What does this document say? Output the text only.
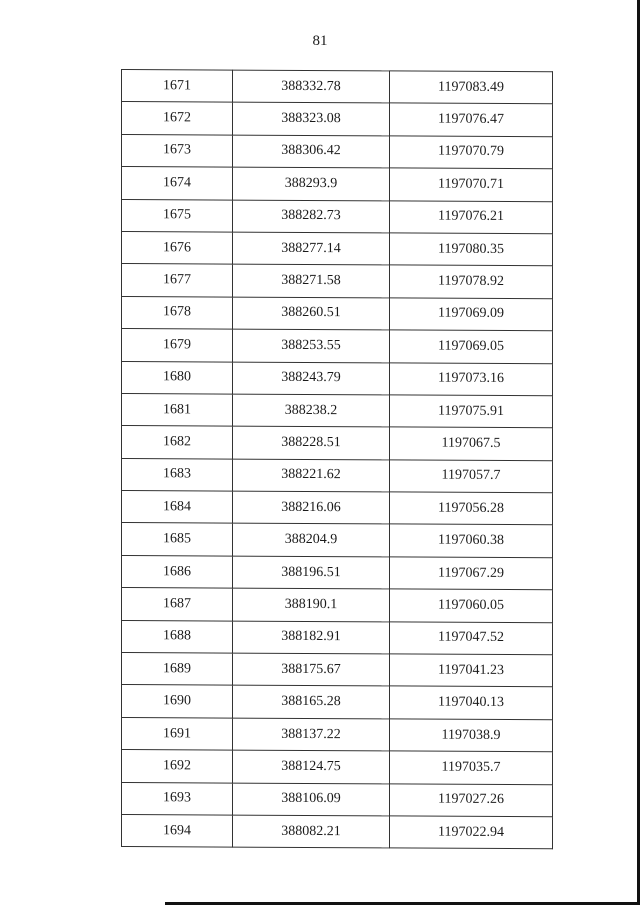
81
1671	388332.78	1197083.49
1672	388323.08	1197076.47
1673	388306.42	1197070.79
1674	388293.9	1197070.71
1675	388282.73	1197076.21
1676	388277.14	1197080.35
1677	388271.58	1197078.92
1678	388260.51	1197069.09
1679	388253.55	1197069.05
1680	388243.79	1197073.16
1681	388238.2	1197075.91
1682	388228.51	1197067.5
1683	388221.62	1197057.7
1684	388216.06	1197056.28
1685	388204.9	1197060.38
1686	388196.51	1197067.29
1687	388190.1	1197060.05
1688	388182.91	1197047.52
1689	388175.67	1197041.23
1690	388165.28	1197040.13
1691	388137.22	1197038.9
1692	388124.75	1197035.7
1693	388106.09	1197027.26
1694	388082.21	1197022.94
